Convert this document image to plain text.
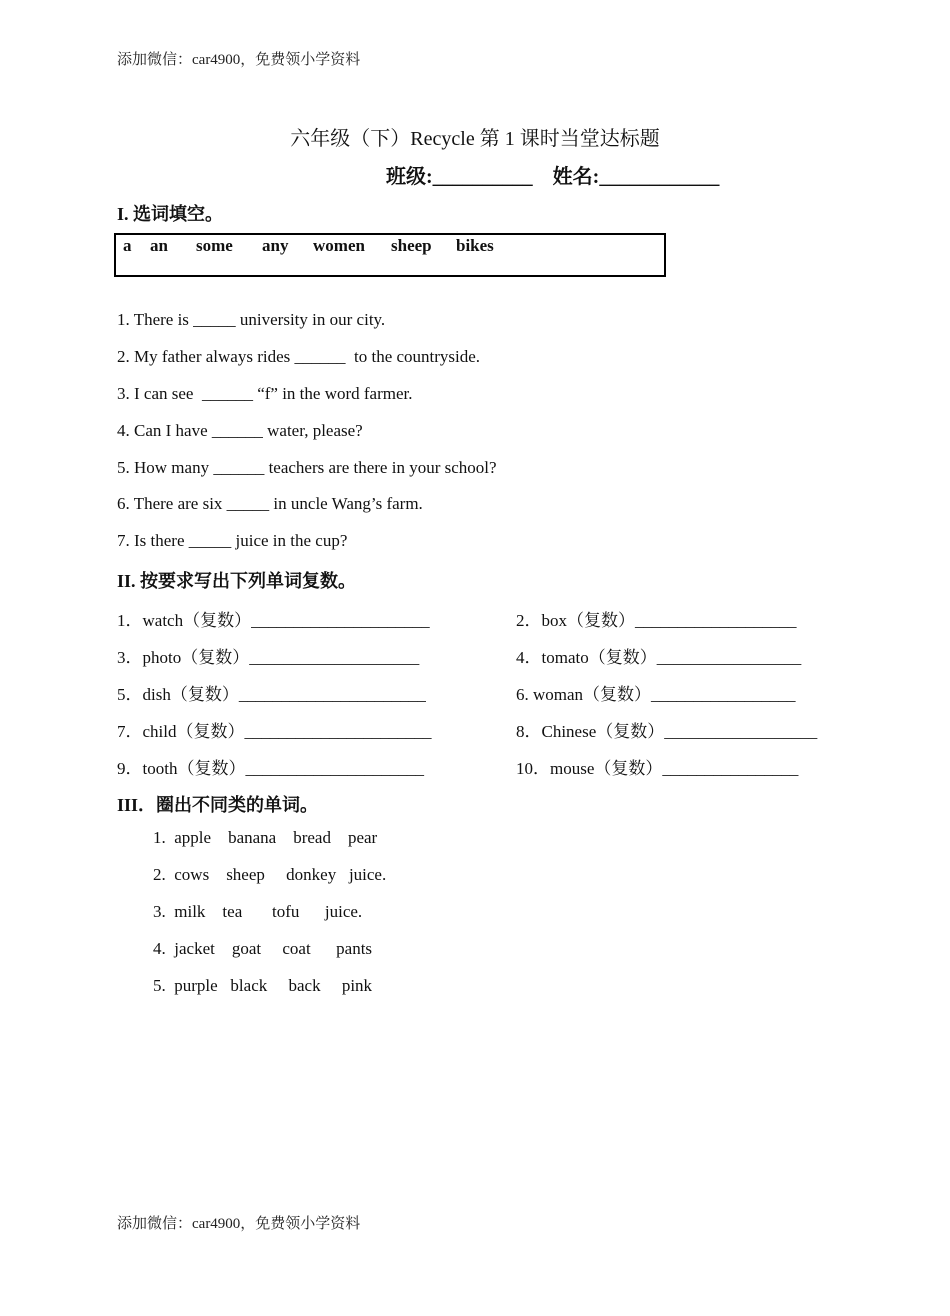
添加微信：car4900，免费领小学资料
六年级（下）Recycle 第 1 课时当堂达标题
班级:__________    姓名:____________
I. 选词填空。
a an some any women sheep bikes
1. There is _____ university in our city.
2. My father always rides ______  to the countryside.
3. I can see  ______ “f” in the word farmer.
4. Can I have ______ water, please?
5. How many ______ teachers are there in your school?
6. There are six _____ in uncle Wang’s farm.
7. Is there _____ juice in the cup?
II. 按要求写出下列单词复数。
1．watch（复数）_____________________	2．box（复数）___________________
3．photo（复数）____________________	4．tomato（复数）_________________
5．dish（复数）______________________	6. woman（复数）_________________
7．child（复数）______________________	8．Chinese（复数）__________________
9．tooth（复数）_____________________	10．mouse（复数）________________
III．圈出不同类的单词。
1.  apple    banana    bread    pear
2.  cows    sheep     donkey   juice.
3.  milk    tea       tofu      juice.
4.  jacket    goat     coat      pants
5.  purple   black     back     pink
添加微信：car4900，免费领小学资料
